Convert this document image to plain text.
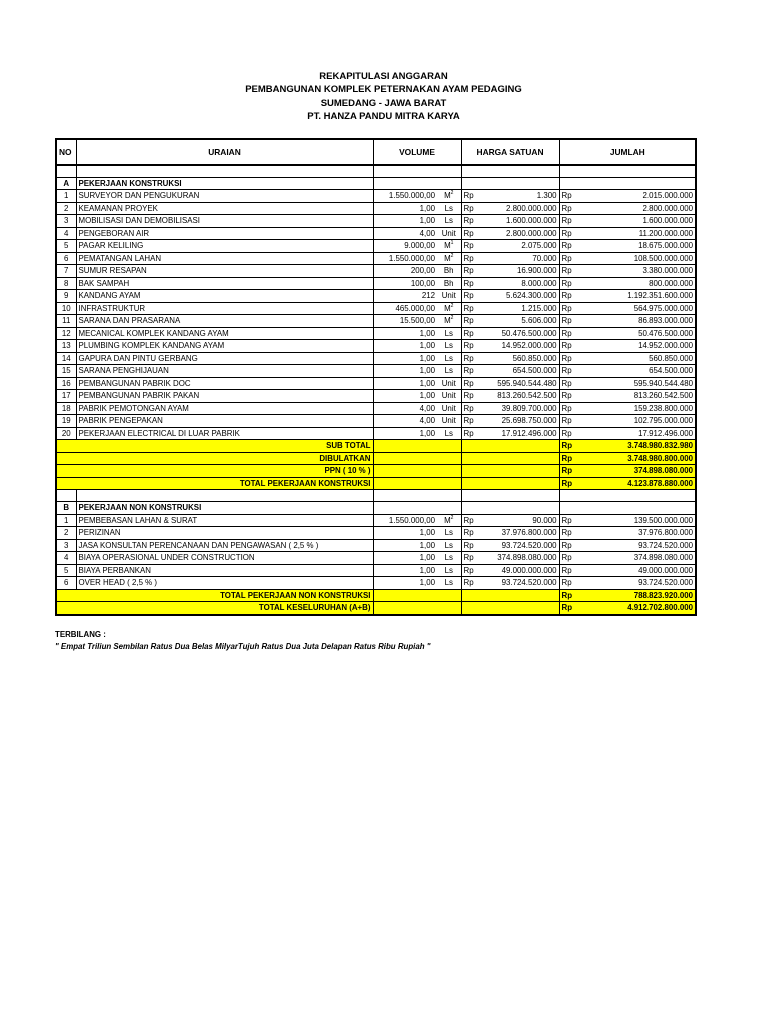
REKAPITULASI ANGGARAN
PEMBANGUNAN KOMPLEK PETERNAKAN AYAM PEDAGING
SUMEDANG - JAWA BARAT
PT. HANZA PANDU MITRA KARYA
NO	URAIAN	VOLUME		HARGA SATUAN		JUMLAH	

A	PEKERJAAN KONSTRUKSI						
1	SURVEYOR DAN PENGUKURAN	1.550.000,00	$M^2$	Rp	1.300	Rp	2.015.000.000
2	KEAMANAN PROYEK	1,00	Ls	Rp	2.800.000.000	Rp	2.800.000.000
3	MOBILISASI DAN DEMOBILISASI	1,00	Ls	Rp	1.600.000.000	Rp	1.600.000.000
4	PENGEBORAN AIR	4,00	Unit	Rp	2.800.000.000	Rp	11.200.000.000
5	PAGAR KELILING	9.000,00	$M^1$	Rp	2.075.000	Rp	18.675.000.000
6	PEMATANGAN LAHAN	1.550.000,00	$M^2$	Rp	70.000	Rp	108.500.000.000
7	SUMUR RESAPAN	200,00	Bh	Rp	16.900.000	Rp	3.380.000.000
8	BAK SAMPAH	100,00	Bh	Rp	8.000.000	Rp	800.000.000
9	KANDANG AYAM	212	Unit	Rp	5.624.300.000	Rp	1.192.351.600.000
10	INFRASTRUKTUR	465.000,00	$M^2$	Rp	1.215.000	Rp	564.975.000.000
11	SARANA DAN PRASARANA	15.500,00	$M^2$	Rp	5.606.000	Rp	86.893.000.000
12	MECANICAL KOMPLEK KANDANG AYAM	1,00	Ls	Rp	50.476.500.000	Rp	50.476.500.000
13	PLUMBING KOMPLEK KANDANG AYAM	1,00	Ls	Rp	14.952.000.000	Rp	14.952.000.000
14	GAPURA DAN PINTU GERBANG	1,00	Ls	Rp	560.850.000	Rp	560.850.000
15	SARANA PENGHIJAUAN	1,00	Ls	Rp	654.500.000	Rp	654.500.000
16	PEMBANGUNAN PABRIK DOC	1,00	Unit	Rp	595.940.544.480	Rp	595.940.544.480
17	PEMBANGUNAN PABRIK PAKAN	1,00	Unit	Rp	813.260.542.500	Rp	813.260.542.500
18	PABRIK PEMOTONGAN AYAM	4,00	Unit	Rp	39.809.700.000	Rp	159.238.800.000
19	PABRIK PENGEPAKAN	4,00	Unit	Rp	25.698.750.000	Rp	102.795.000.000
20	PEKERJAAN ELECTRICAL DI LUAR PABRIK	1,00	Ls	Rp	17.912.496.000	Rp	17.912.496.000
SUB TOTAL						Rp	3.748.980.832.980
DIBULATKAN						Rp	3.748.980.800.000
PPN ( 10 % )						Rp	374.898.080.000
TOTAL PEKERJAAN KONSTRUKSI						Rp	4.123.878.880.000

B	PEKERJAAN NON KONSTRUKSI						
1	PEMBEBASAN LAHAN & SURAT	1.550.000,00	$M^2$	Rp	90.000	Rp	139.500.000.000
2	PERIZINAN	1,00	Ls	Rp	37.976.800.000	Rp	37.976.800.000
3	JASA KONSULTAN PERENCANAAN DAN PENGAWASAN ( 2,5 % )	1,00	Ls	Rp	93.724.520.000	Rp	93.724.520.000
4	BIAYA OPERASIONAL UNDER CONSTRUCTION	1,00	Ls	Rp	374.898.080.000	Rp	374.898.080.000
5	BIAYA PERBANKAN	1,00	Ls	Rp	49.000.000.000	Rp	49.000.000.000
6	OVER HEAD ( 2,5 % )	1,00	Ls	Rp	93.724.520.000	Rp	93.724.520.000
TOTAL PEKERJAAN NON KONSTRUKSI						Rp	788.823.920.000
TOTAL KESELURUHAN (A+B)						Rp	4.912.702.800.000
TERBILANG :
" Empat Triliun Sembilan Ratus Dua Belas MilyarTujuh Ratus Dua Juta Delapan Ratus Ribu Rupiah "
